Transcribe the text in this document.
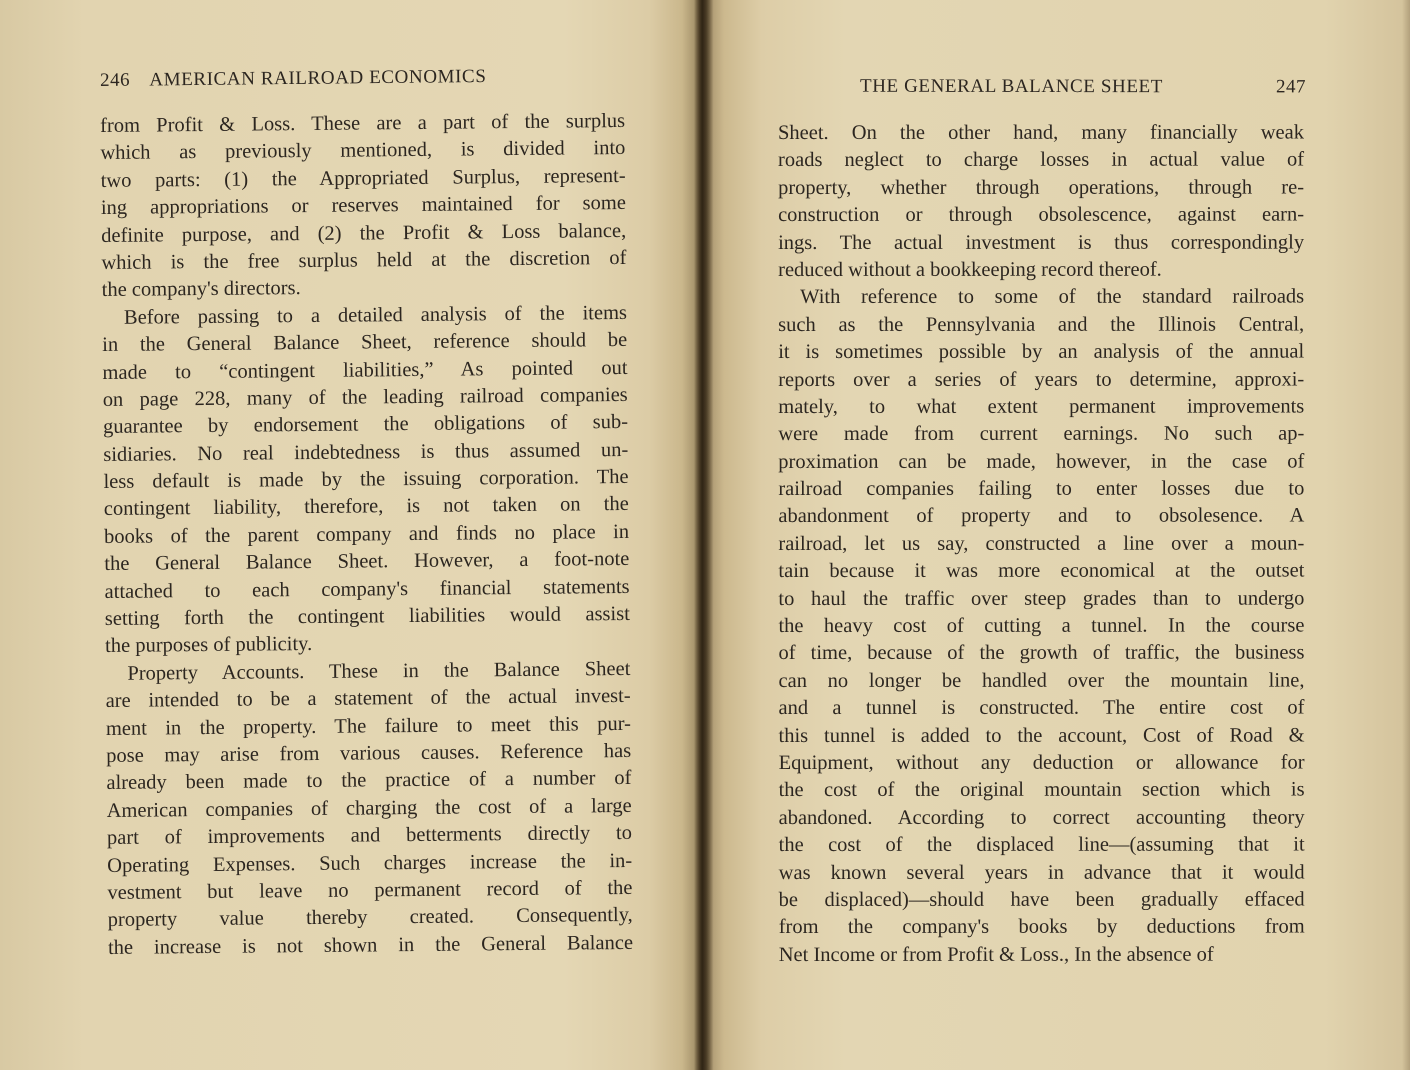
246 AMERICAN RAILROAD ECONOMICS
from Profit & Loss. These are a part of the surplus
which as previously mentioned, is divided into
two parts: (1) the Appropriated Surplus, represent-
ing appropriations or reserves maintained for some
definite purpose, and (2) the Profit & Loss balance,
which is the free surplus held at the discretion of
the company's directors.
Before passing to a detailed analysis of the items
in the General Balance Sheet, reference should be
made to “contingent liabilities,” As pointed out
on page 228, many of the leading railroad companies
guarantee by endorsement the obligations of sub-
sidiaries. No real indebtedness is thus assumed un-
less default is made by the issuing corporation. The
contingent liability, therefore, is not taken on the
books of the parent company and finds no place in
the General Balance Sheet. However, a foot-note
attached to each company's financial statements
setting forth the contingent liabilities would assist
the purposes of publicity.
Property Accounts. These in the Balance Sheet
are intended to be a statement of the actual invest-
ment in the property. The failure to meet this pur-
pose may arise from various causes. Reference has
already been made to the practice of a number of
American companies of charging the cost of a large
part of improvements and betterments directly to
Operating Expenses. Such charges increase the in-
vestment but leave no permanent record of the
property value thereby created. Consequently,
the increase is not shown in the General Balance
THE GENERAL BALANCE SHEET	247
Sheet. On the other hand, many financially weak
roads neglect to charge losses in actual value of
property, whether through operations, through re-
construction or through obsolescence, against earn-
ings. The actual investment is thus correspondingly
reduced without a bookkeeping record thereof.
With reference to some of the standard railroads
such as the Pennsylvania and the Illinois Central,
it is sometimes possible by an analysis of the annual
reports over a series of years to determine, approxi-
mately, to what extent permanent improvements
were made from current earnings. No such ap-
proximation can be made, however, in the case of
railroad companies failing to enter losses due to
abandonment of property and to obsolesence. A
railroad, let us say, constructed a line over a moun-
tain because it was more economical at the outset
to haul the traffic over steep grades than to undergo
the heavy cost of cutting a tunnel. In the course
of time, because of the growth of traffic, the business
can no longer be handled over the mountain line,
and a tunnel is constructed. The entire cost of
this tunnel is added to the account, Cost of Road &
Equipment, without any deduction or allowance for
the cost of the original mountain section which is
abandoned. According to correct accounting theory
the cost of the displaced line—(assuming that it
was known several years in advance that it would
be displaced)—should have been gradually effaced
from the company's books by deductions from
Net Income or from Profit & Loss., In the absence of
